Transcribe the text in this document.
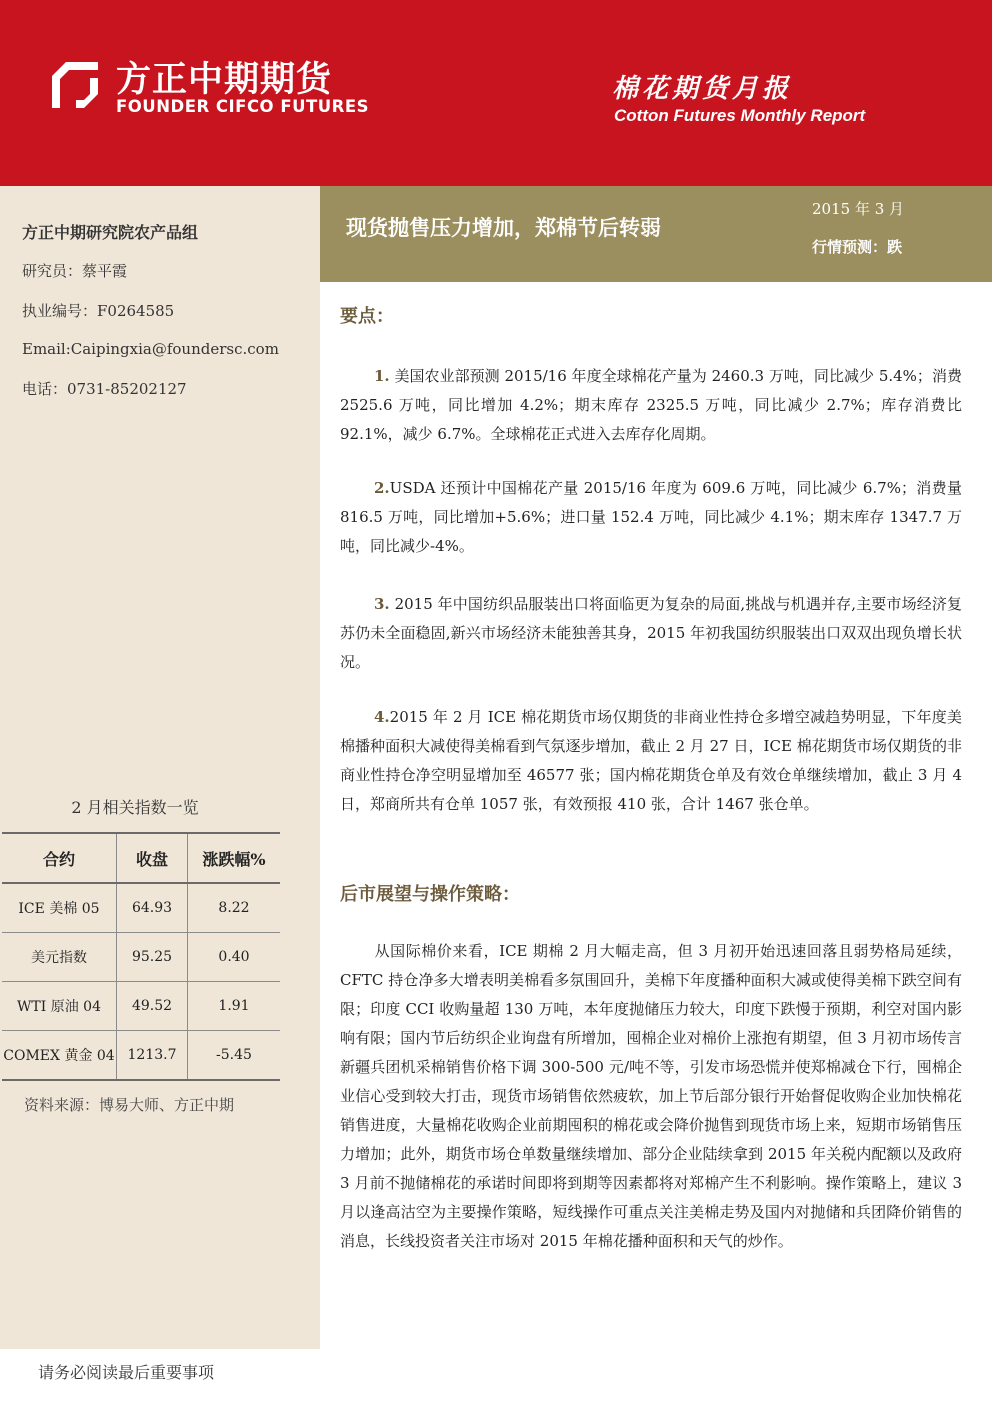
方正中期期货
FOUNDER CIFCO FUTURES
棉花期货月报
Cotton Futures Monthly Report
现货抛售压力增加，郑棉节后转弱
2015 年 3 月
行情预测：跌
方正中期研究院农产品组
研究员：蔡平霞
执业编号：F0264585
Email:Caipingxia@foundersc.com
电话：0731-85202127
2 月相关指数一览
合约	收盘	涨跌幅%
ICE 美棉 05	64.93	8.22
美元指数	95.25	0.40
WTI 原油 04	49.52	1.91
COMEX 黄金 04	1213.7	-5.45
资料来源：博易大师、方正中期
要点：

1. 美国农业部预测 2015/16 年度全球棉花产量为 2460.3 万吨，同比减少 5.4%；消费 2525.6 万吨，同比增加 4.2%；期末库存 2325.5 万吨，同比减少 2.7%；库存消费比 92.1%，减少 6.7%。全球棉花正式进入去库存化周期。

2.USDA 还预计中国棉花产量 2015/16 年度为 609.6 万吨，同比减少 6.7%；消费量 816.5 万吨，同比增加+5.6%；进口量 152.4 万吨，同比减少 4.1%；期末库存 1347.7 万吨，同比减少-4%。

3. 2015 年中国纺织品服装出口将面临更为复杂的局面,挑战与机遇并存,主要市场经济复苏仍未全面稳固,新兴市场经济未能独善其身，2015 年初我国纺织服装出口双双出现负增长状况。

4.2015 年 2 月 ICE 棉花期货市场仅期货的非商业性持仓多增空减趋势明显，下年度美棉播种面积大减使得美棉看到气氛逐步增加，截止 2 月 27 日，ICE 棉花期货市场仅期货的非商业性持仓净空明显增加至 46577 张；国内棉花期货仓单及有效仓单继续增加，截止 3 月 4 日，郑商所共有仓单 1057 张，有效预报 410 张，合计 1467 张仓单。

后市展望与操作策略：

从国际棉价来看，ICE 期棉 2 月大幅走高，但 3 月初开始迅速回落且弱势格局延续，CFTC 持仓净多大增表明美棉看多氛围回升，美棉下年度播种面积大减或使得美棉下跌空间有限；印度 CCI 收购量超 130 万吨，本年度抛储压力较大，印度下跌慢于预期，利空对国内影响有限；国内节后纺织企业询盘有所增加，囤棉企业对棉价上涨抱有期望，但 3 月初市场传言新疆兵团机采棉销售价格下调 300-500 元/吨不等，引发市场恐慌并使郑棉减仓下行，囤棉企业信心受到较大打击，现货市场销售依然疲软，加上节后部分银行开始督促收购企业加快棉花销售进度，大量棉花收购企业前期囤积的棉花或会降价抛售到现货市场上来，短期市场销售压力增加；此外，期货市场仓单数量继续增加、部分企业陆续拿到 2015 年关税内配额以及政府 3 月前不抛储棉花的承诺时间即将到期等因素都将对郑棉产生不利影响。操作策略上，建议 3 月以逢高沽空为主要操作策略，短线操作可重点关注美棉走势及国内对抛储和兵团降价销售的消息，长线投资者关注市场对 2015 年棉花播种面积和天气的炒作。

请务必阅读最后重要事项
